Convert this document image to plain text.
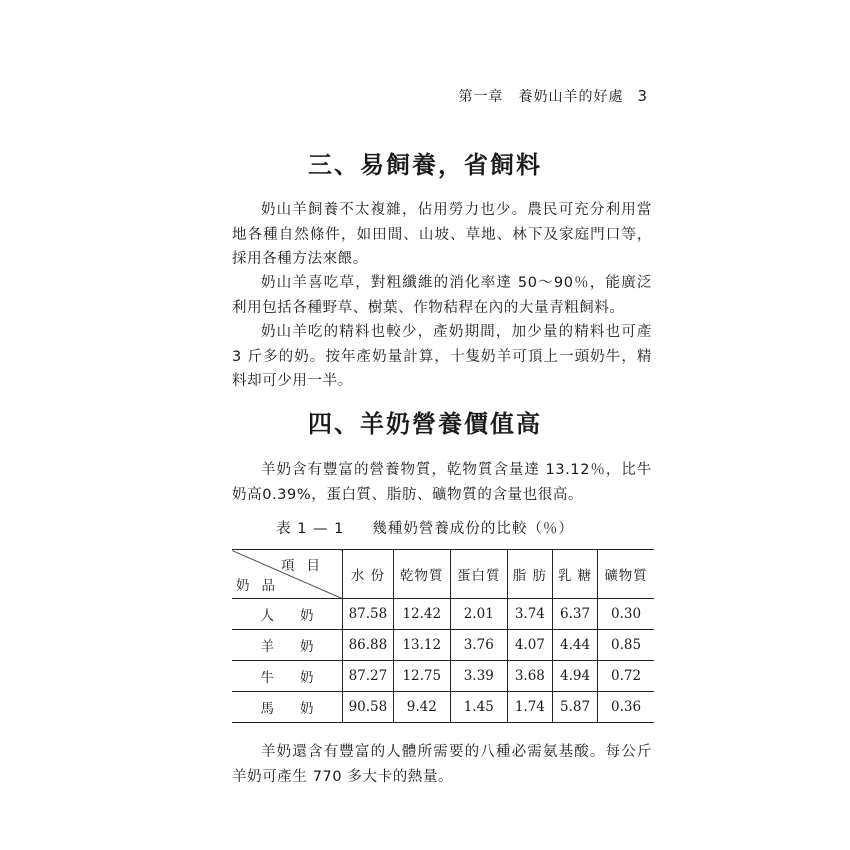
第一章　養奶山羊的好處 3
三、易飼養，省飼料

奶山羊飼養不太複雜，佔用勞力也少。農民可充分利用當地各種自然條件，如田間、山坡、草地、林下及家庭門口等，採用各種方法來餵。

奶山羊喜吃草，對粗纖維的消化率達 50～90％，能廣泛利用包括各種野草、樹葉、作物秸稈在內的大量青粗飼料。

奶山羊吃的精料也較少，產奶期間，加少量的精料也可產 3 斤多的奶。按年產奶量計算，十隻奶羊可頂上一頭奶牛，精料却可少用一半。

四、羊奶營養價值高

羊奶含有豐富的營養物質，乾物質含量達 13.12％，比牛奶高0.39%，蛋白質、脂肪、礦物質的含量也很高。

表 1 — 1 幾種奶營養成份的比較（％）
項目
奶品	水 份	乾物質	蛋白質	脂 肪	乳 糖	礦物質
人奶	87.58	12.42	2.01	3.74	6.37	0.30
羊奶	86.88	13.12	3.76	4.07	4.44	0.85
牛奶	87.27	12.75	3.39	3.68	4.94	0.72
馬奶	90.58	9.42	1.45	1.74	5.87	0.36

羊奶還含有豐富的人體所需要的八種必需氨基酸。每公斤羊奶可產生 770 多大卡的熱量。
